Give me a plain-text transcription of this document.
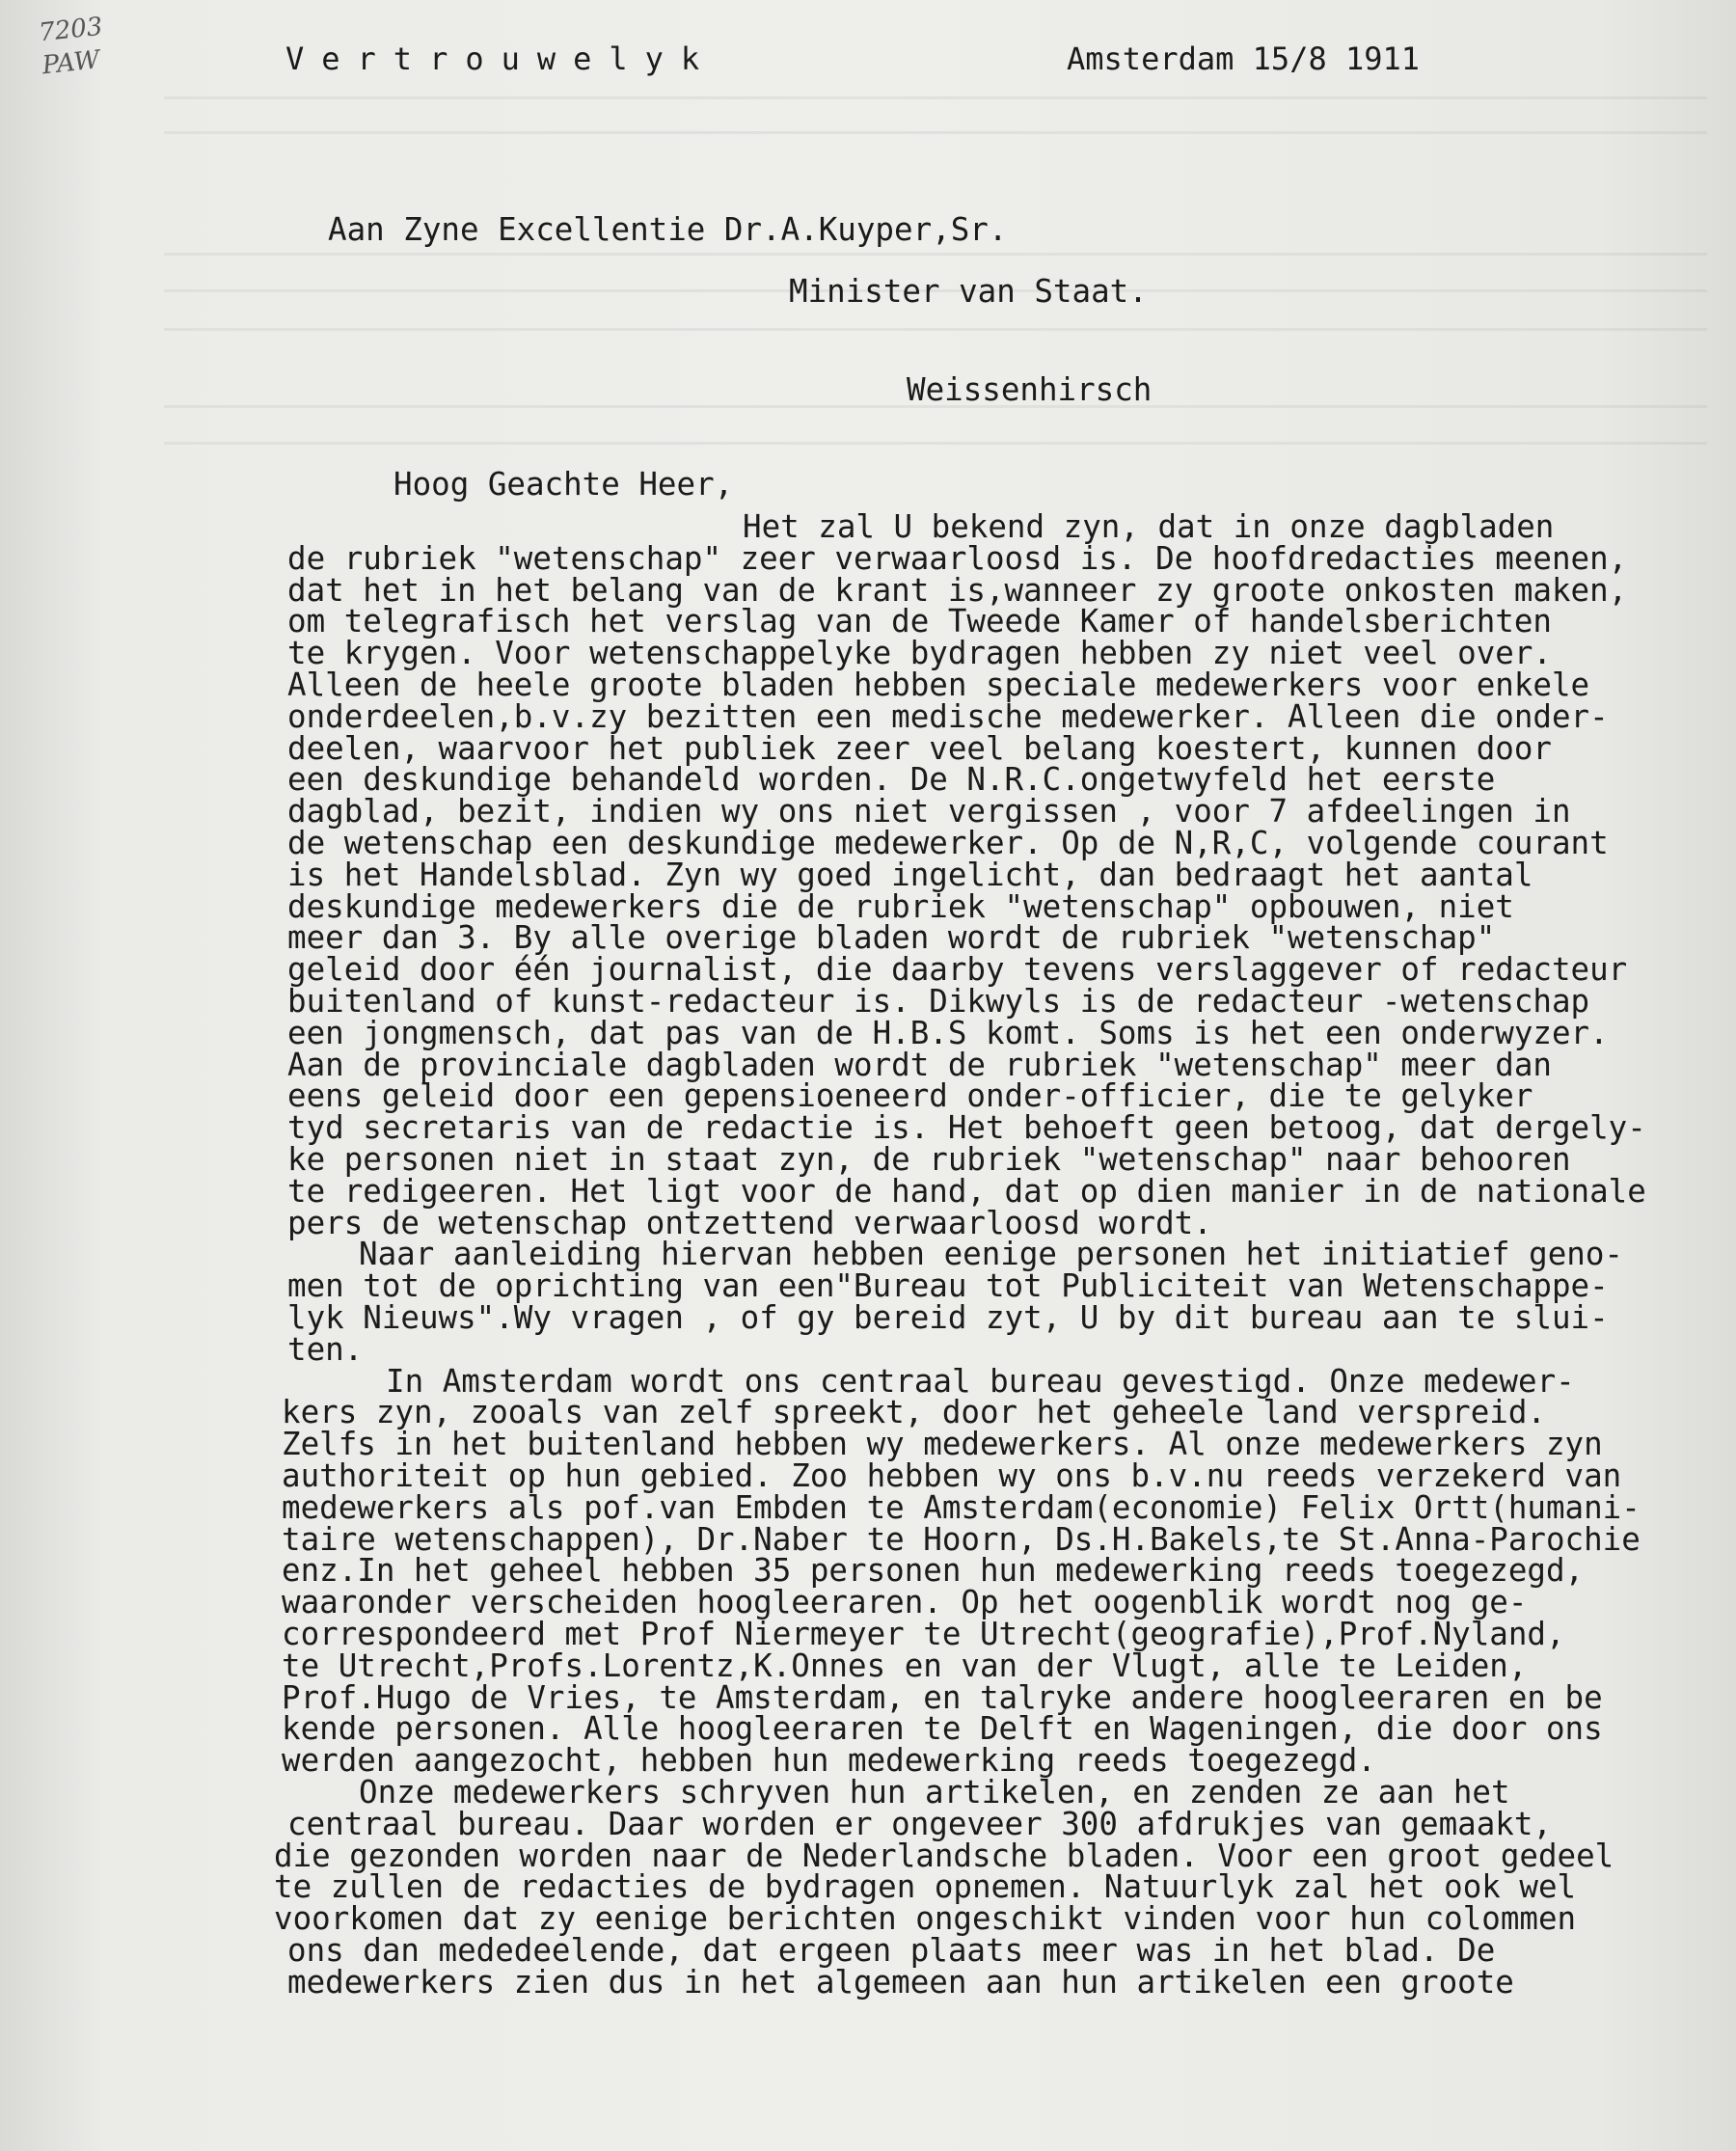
7203
PAW	Vertrouwelyk	Amsterdam 15/8 1911
Aan Zyne Excellentie Dr.A.Kuyper,Sr.
Minister van Staat.
Weissenhirsch
Hoog Geachte Heer,
Het zal U bekend zyn, dat in onze dagbladen
de rubriek "wetenschap" zeer verwaarloosd is. De hoofdredacties meenen,
dat het in het belang van de krant is,wanneer zy groote onkosten maken,
om telegrafisch het verslag van de Tweede Kamer of handelsberichten
te krygen. Voor wetenschappelyke bydragen hebben zy niet veel over.
Alleen de heele groote bladen hebben speciale medewerkers voor enkele
onderdeelen,b.v.zy bezitten een medische medewerker. Alleen die onder-
deelen, waarvoor het publiek zeer veel belang koestert, kunnen door
een deskundige behandeld worden. De N.R.C.ongetwyfeld het eerste
dagblad, bezit, indien wy ons niet vergissen , voor 7 afdeelingen in
de wetenschap een deskundige medewerker. Op de N,R,C, volgende courant
is het Handelsblad. Zyn wy goed ingelicht, dan bedraagt het aantal
deskundige medewerkers die de rubriek "wetenschap" opbouwen, niet
meer dan 3. By alle overige bladen wordt de rubriek "wetenschap"
geleid door één journalist, die daarby tevens verslaggever of redacteur
buitenland of kunst-redacteur is. Dikwyls is de redacteur -wetenschap
een jongmensch, dat pas van de H.B.S komt. Soms is het een onderwyzer.
Aan de provinciale dagbladen wordt de rubriek "wetenschap" meer dan
eens geleid door een gepensioeneerd onder-officier, die te gelyker
tyd secretaris van de redactie is. Het behoeft geen betoog, dat dergely-
ke personen niet in staat zyn, de rubriek "wetenschap" naar behooren
te redigeeren. Het ligt voor de hand, dat op dien manier in de nationale
pers de wetenschap ontzettend verwaarloosd wordt.
Naar aanleiding hiervan hebben eenige personen het initiatief geno-
men tot de oprichting van een"Bureau tot Publiciteit van Wetenschappe-
lyk Nieuws".Wy vragen , of gy bereid zyt, U by dit bureau aan te slui-
ten.
In Amsterdam wordt ons centraal bureau gevestigd. Onze medewer-
kers zyn, zooals van zelf spreekt, door het geheele land verspreid.
Zelfs in het buitenland hebben wy medewerkers. Al onze medewerkers zyn
authoriteit op hun gebied. Zoo hebben wy ons b.v.nu reeds verzekerd van
medewerkers als pof.van Embden te Amsterdam(economie) Felix Ortt(humani-
taire wetenschappen), Dr.Naber te Hoorn, Ds.H.Bakels,te St.Anna-Parochie
enz.In het geheel hebben 35 personen hun medewerking reeds toegezegd,
waaronder verscheiden hoogleeraren. Op het oogenblik wordt nog ge-
correspondeerd met Prof Niermeyer te Utrecht(geografie),Prof.Nyland,
te Utrecht,Profs.Lorentz,K.Onnes en van der Vlugt, alle te Leiden,
Prof.Hugo de Vries, te Amsterdam, en talryke andere hoogleeraren en be
kende personen. Alle hoogleeraren te Delft en Wageningen, die door ons
werden aangezocht, hebben hun medewerking reeds toegezegd.
Onze medewerkers schryven hun artikelen, en zenden ze aan het
centraal bureau. Daar worden er ongeveer 300 afdrukjes van gemaakt,
die gezonden worden naar de Nederlandsche bladen. Voor een groot gedeel
te zullen de redacties de bydragen opnemen. Natuurlyk zal het ook wel
voorkomen dat zy eenige berichten ongeschikt vinden voor hun colommen
ons dan mededeelende, dat ergeen plaats meer was in het blad. De
medewerkers zien dus in het algemeen aan hun artikelen een groote
